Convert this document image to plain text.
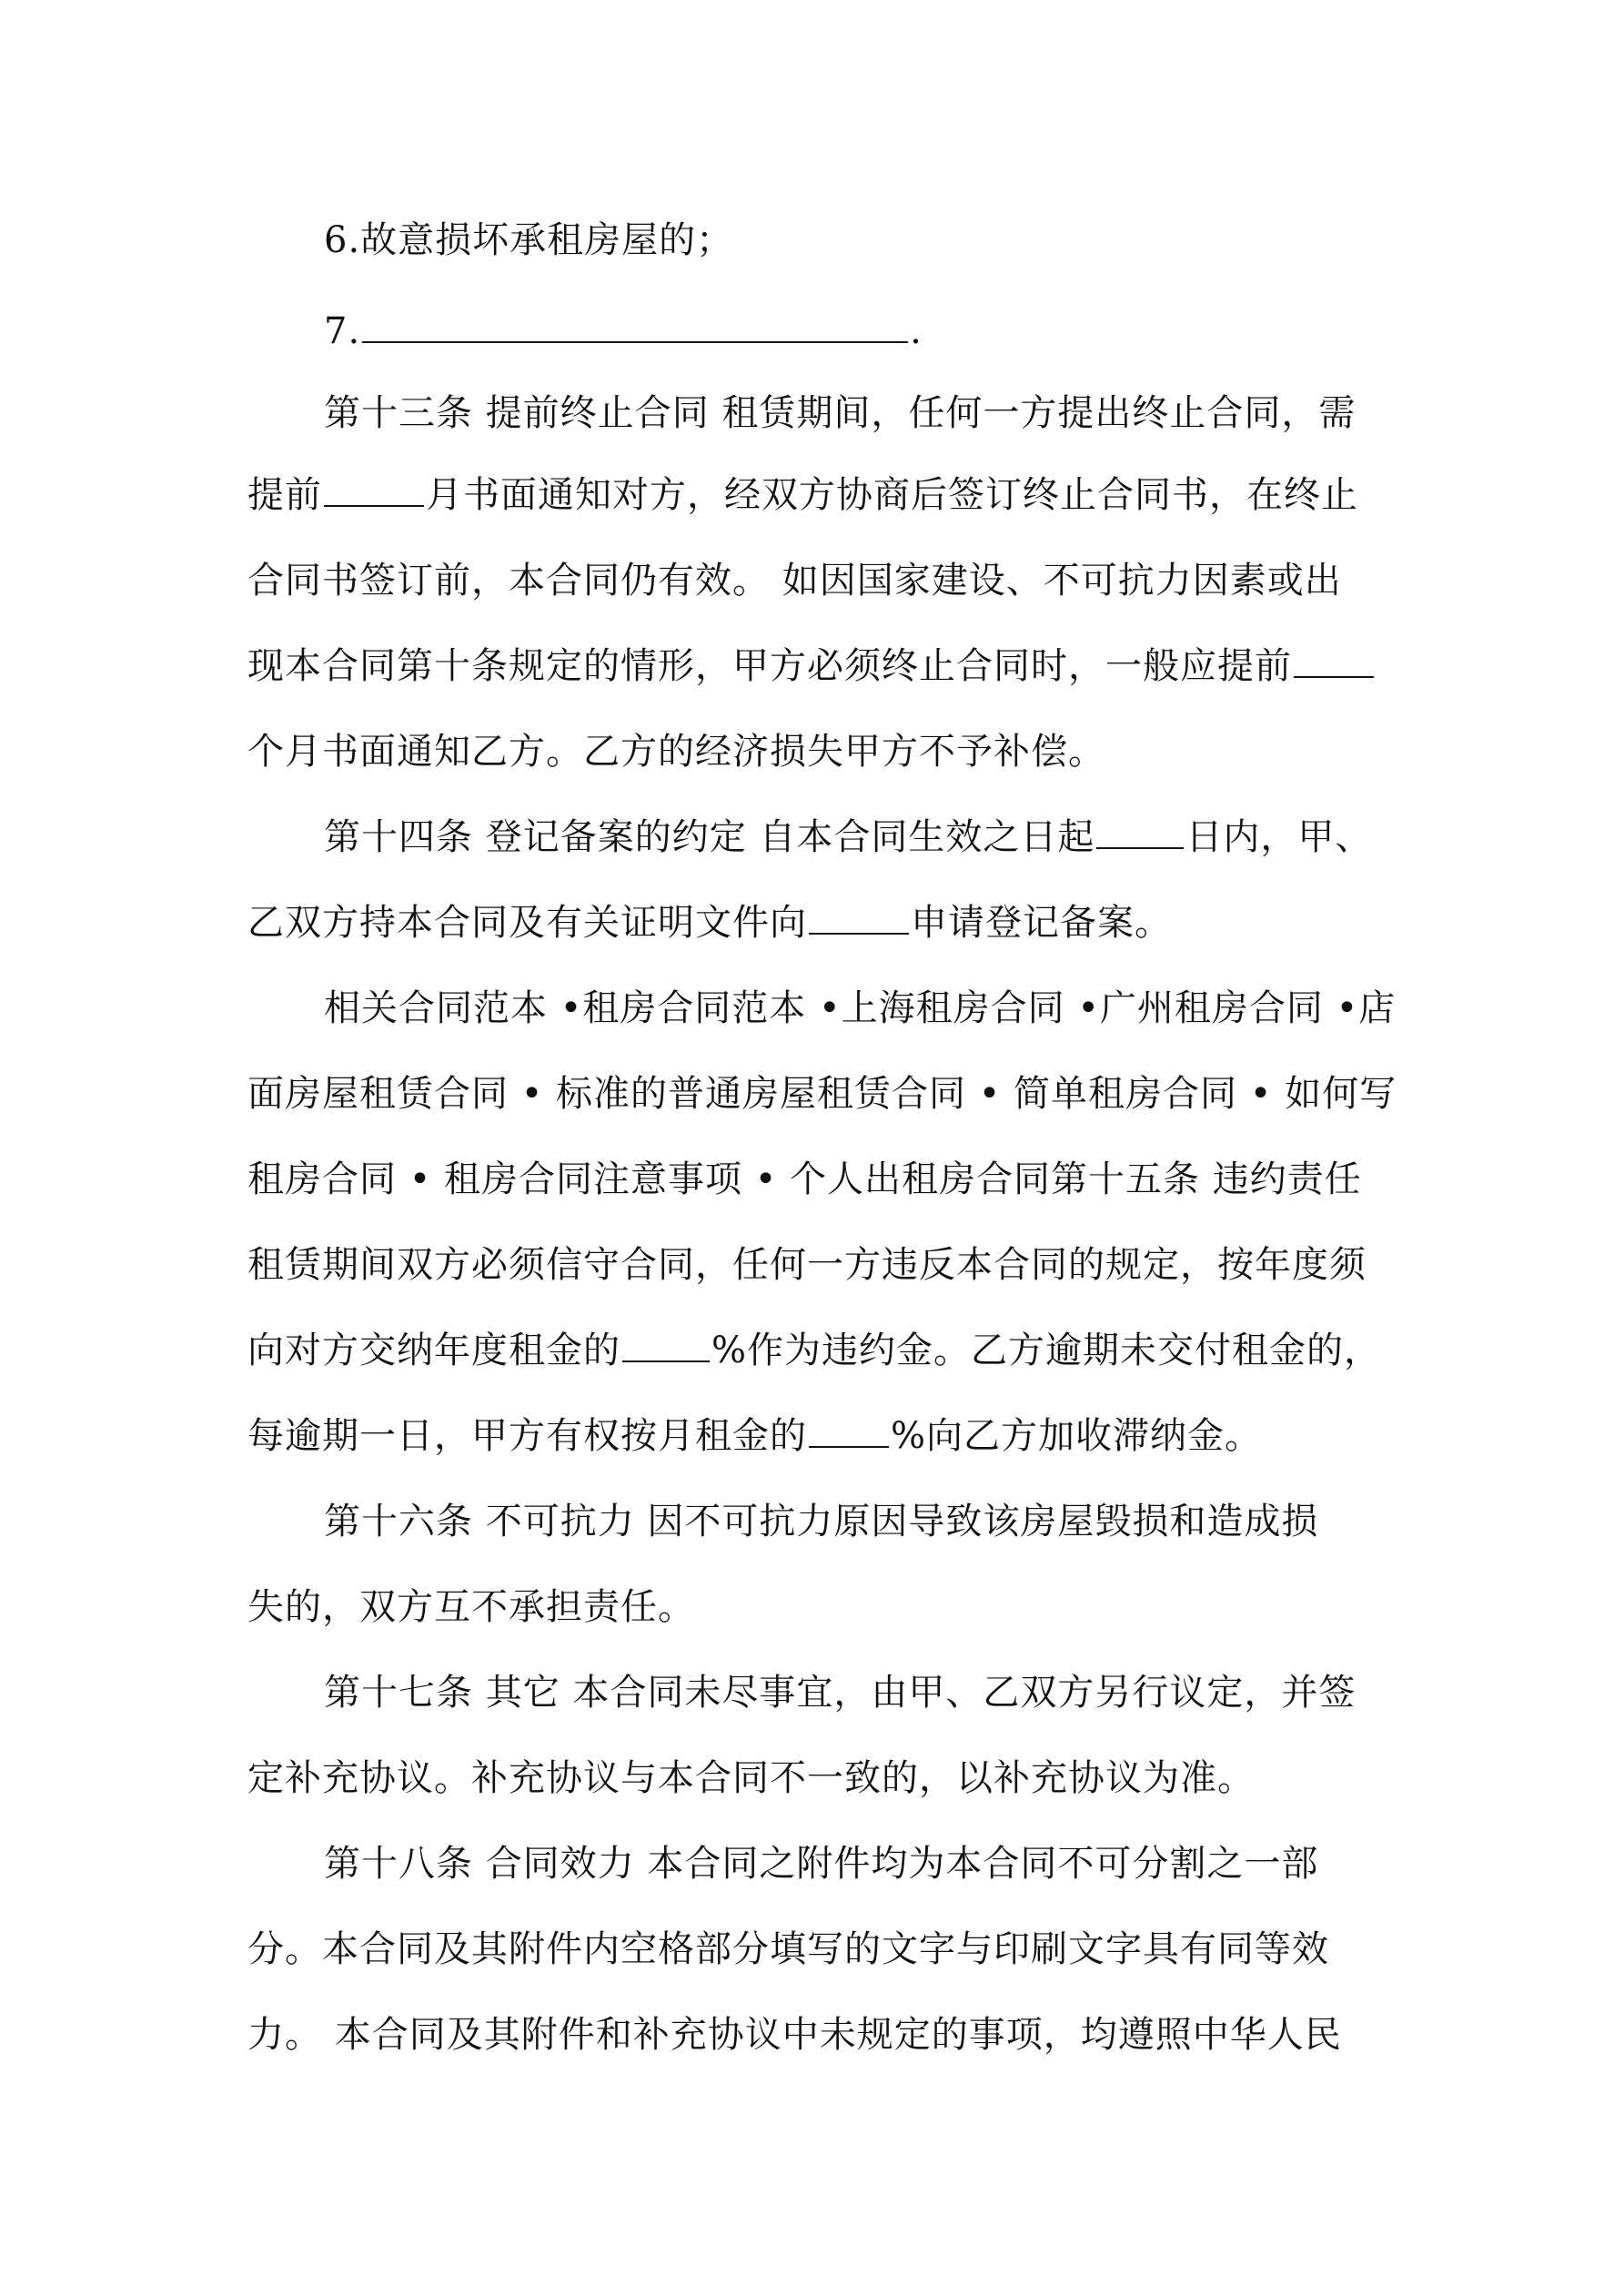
6.故意损坏承租房屋的；
7.	.
第十三条 提前终止合同 租赁期间，任何一方提出终止合同，需
提前	月书面通知对方，经双方协商后签订终止合同书，在终止
合同书签订前，本合同仍有效。 如因国家建设、不可抗力因素或出
现本合同第十条规定的情形，甲方必须终止合同时，一般应提前
个月书面通知乙方。乙方的经济损失甲方不予补偿。
第十四条 登记备案的约定 自本合同生效之日起	日内，甲、
乙双方持本合同及有关证明文件向	申请登记备案。
相关合同范本 •租房合同范本 •上海租房合同 •广州租房合同 •店
面房屋租赁合同 • 标准的普通房屋租赁合同 • 简单租房合同 • 如何写
租房合同 • 租房合同注意事项 • 个人出租房合同第十五条 违约责任
租赁期间双方必须信守合同，任何一方违反本合同的规定，按年度须
向对方交纳年度租金的	%作为违约金。乙方逾期未交付租金的，
每逾期一日，甲方有权按月租金的 %向乙方加收滞纳金。
第十六条 不可抗力 因不可抗力原因导致该房屋毁损和造成损
失的，双方互不承担责任。
第十七条 其它 本合同未尽事宜，由甲、乙双方另行议定，并签
定补充协议。补充协议与本合同不一致的，以补充协议为准。
第十八条 合同效力 本合同之附件均为本合同不可分割之一部
分。本合同及其附件内空格部分填写的文字与印刷文字具有同等效
力。 本合同及其附件和补充协议中未规定的事项，均遵照中华人民
